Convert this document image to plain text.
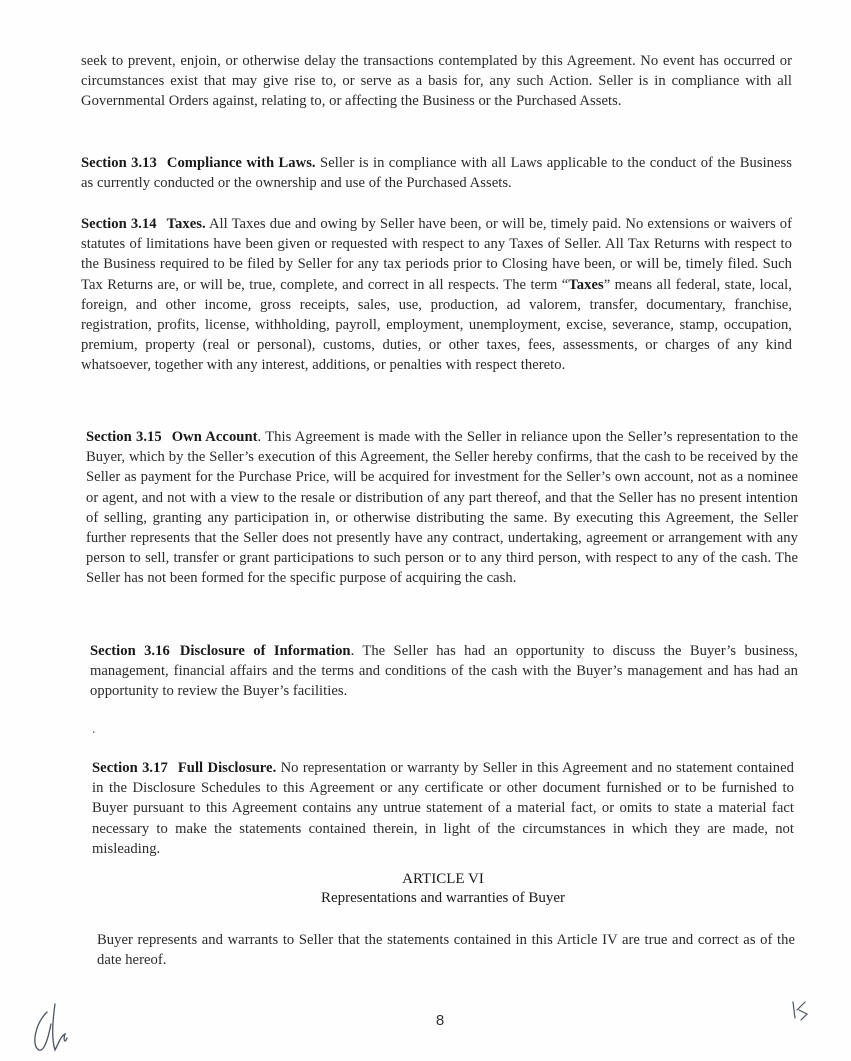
seek to prevent, enjoin, or otherwise delay the transactions contemplated by this Agreement. No event has occurred or circumstances exist that may give rise to, or serve as a basis for, any such Action. Seller is in compliance with all Governmental Orders against, relating to, or affecting the Business or the Purchased Assets.

Section 3.13 Compliance with Laws. Seller is in compliance with all Laws applicable to the conduct of the Business as currently conducted or the ownership and use of the Purchased Assets.

Section 3.14 Taxes. All Taxes due and owing by Seller have been, or will be, timely paid. No extensions or waivers of statutes of limitations have been given or requested with respect to any Taxes of Seller. All Tax Returns with respect to the Business required to be filed by Seller for any tax periods prior to Closing have been, or will be, timely filed. Such Tax Returns are, or will be, true, complete, and correct in all respects. The term “Taxes” means all federal, state, local, foreign, and other income, gross receipts, sales, use, production, ad valorem, transfer, documentary, franchise, registration, profits, license, withholding, payroll, employment, unemployment, excise, severance, stamp, occupation, premium, property (real or personal), customs, duties, or other taxes, fees, assessments, or charges of any kind whatsoever, together with any interest, additions, or penalties with respect thereto.

Section 3.15 Own Account. This Agreement is made with the Seller in reliance upon the Seller’s representation to the Buyer, which by the Seller’s execution of this Agreement, the Seller hereby confirms, that the cash to be received by the Seller as payment for the Purchase Price, will be acquired for investment for the Seller’s own account, not as a nominee or agent, and not with a view to the resale or distribution of any part thereof, and that the Seller has no present intention of selling, granting any participation in, or otherwise distributing the same. By executing this Agreement, the Seller further represents that the Seller does not presently have any contract, undertaking, agreement or arrangement with any person to sell, transfer or grant participations to such person or to any third person, with respect to any of the cash. The Seller has not been formed for the specific purpose of acquiring the cash.

Section 3.16 Disclosure of Information. The Seller has had an opportunity to discuss the Buyer’s business, management, financial affairs and the terms and conditions of the cash with the Buyer’s management and has had an opportunity to review the Buyer’s facilities.

.

Section 3.17 Full Disclosure. No representation or warranty by Seller in this Agreement and no statement contained in the Disclosure Schedules to this Agreement or any certificate or other document furnished or to be furnished to Buyer pursuant to this Agreement contains any untrue statement of a material fact, or omits to state a material fact necessary to make the statements contained therein, in light of the circumstances in which they are made, not misleading.

ARTICLE VI
Representations and warranties of Buyer

Buyer represents and warrants to Seller that the statements contained in this Article IV are true and correct as of the date hereof.

8
